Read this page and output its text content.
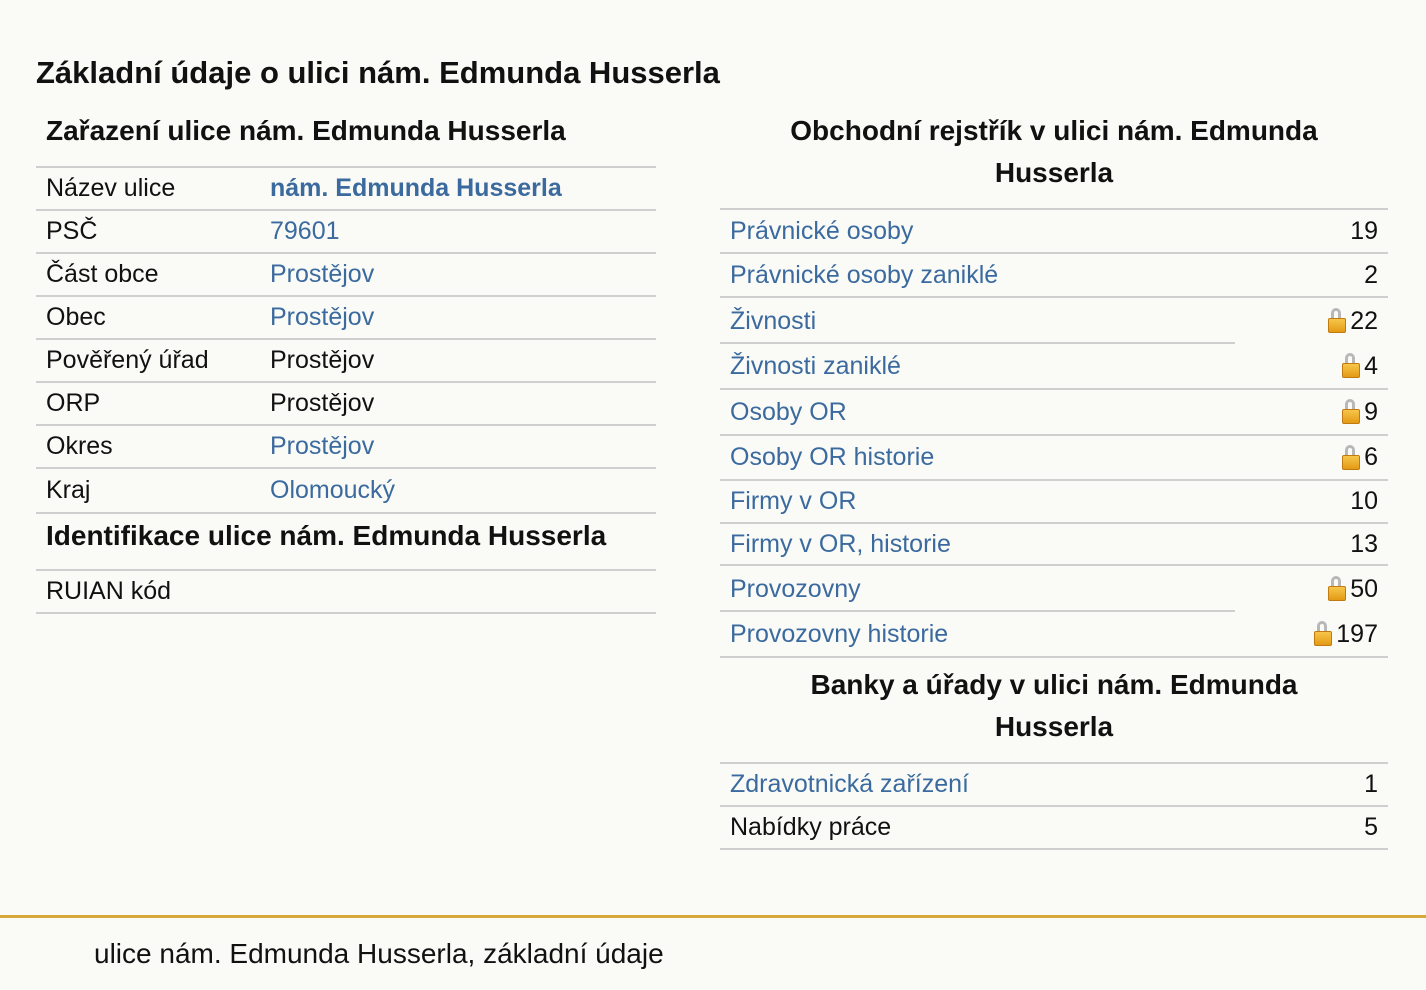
Základní údaje o ulici nám. Edmunda Husserla
Zařazení ulice nám. Edmunda Husserla
Název ulice	nám. Edmunda Husserla
PSČ	79601
Část obce	Prostějov
Obec	Prostějov
Pověřený úřad	Prostějov
ORP	Prostějov
Okres	Prostějov
Kraj	Olomoucký
Identifikace ulice nám. Edmunda Husserla
RUIAN kód
Obchodní rejstřík v ulici nám. Edmunda
Husserla
Právnické osoby	19
Právnické osoby zaniklé	2
Živnosti	22
Živnosti zaniklé	4
Osoby OR	9
Osoby OR historie	6
Firmy v OR	10
Firmy v OR, historie	13
Provozovny	50
Provozovny historie	197
Banky a úřady v ulici nám. Edmunda
Husserla
Zdravotnická zařízení	1
Nabídky práce	5
ulice nám. Edmunda Husserla, základní údaje
